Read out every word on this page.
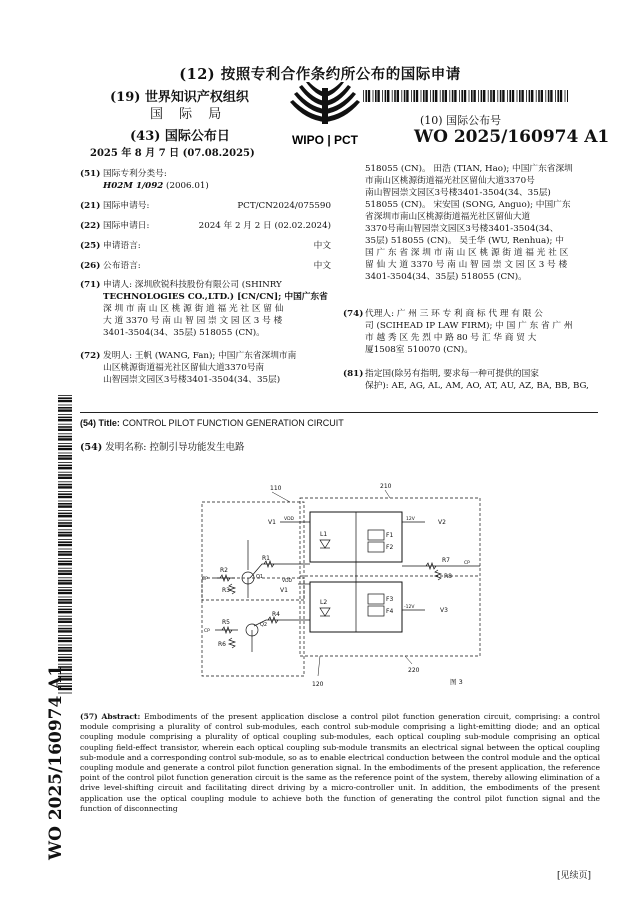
(12) 按照专利合作条约所公布的国际申请
(19) 世界知识产权组织
国 际 局
(43) 国际公布日
2025 年 8 月 7 日 (07.08.2025)
WIPO | PCT
(10) 国际公布号
WO 2025/160974 A1
(51) 国际专利分类号:
H02M 1/092 (2006.01)
(21) 国际申请号:	PCT/CN2024/075590
(22) 国际申请日:	2024 年 2 月 2 日 (02.02.2024)
(25) 申请语言:	中文
(26) 公布语言:	中文
(71) 申请人: 深圳欣锐科技股份有限公司 (SHINRY
TECHNOLOGIES CO.,LTD.) [CN/CN]; 中国广东省
深 圳 市 南 山 区 桃 源 街 道 福 光 社 区 留 仙
大 道 3370 号 南 山 智 园 崇 文 园 区 3 号 楼
3401-3504(34、35层) 518055 (CN)。
(72) 发明人: 王帆 (WANG, Fan); 中国广东省深圳市南
山区桃源街道福光社区留仙大道3370号南
山智园崇文园区3号楼3401-3504(34、35层)
518055 (CN)。 田浩 (TIAN, Hao); 中国广东省深圳
市南山区桃源街道福光社区留仙大道3370号
南山智园崇文园区3号楼3401-3504(34、35层)
518055 (CN)。 宋安国 (SONG, Anguo); 中国广东
省深圳市南山区桃源街道福光社区留仙大道
3370号南山智园崇文园区3号楼3401-3504(34、
35层) 518055 (CN)。 吴壬华 (WU, Renhua); 中
国 广 东 省 深 圳 市 南 山 区 桃 源 街 道 福 光 社 区
留 仙 大 道 3370 号 南 山 智 园 崇 文 园 区 3 号 楼
3401-3504(34、35层) 518055 (CN)。
(74) 代理人: 广 州 三 环 专 利 商 标 代 理 有 限 公
司 (SCIHEAD IP LAW FIRM); 中 国 广 东 省 广 州
市 越 秀 区 先 烈 中 路 80 号 汇 华 商 贸 大
厦1508室 510070 (CN)。
(81) 指定国(除另有指明, 要求每一种可提供的国家
保护): AE, AG, AL, AM, AO, AT, AU, AZ, BA, BB, BG,
(54) Title: CONTROL PILOT FUNCTION GENERATION CIRCUIT
(54) 发明名称: 控制引导功能发生电路
110	210
120
220
V1 VDD	12V	V2
L1	F1
F2
R1
R2
R3
Q1
CP
R7
R8
CP
VDD
V1
L2	F3
F4
-12V	V3
R4
R5
R6
Q2
CP
图 3
(57) Abstract: Embodiments of the present application disclose a control pilot function generation circuit, comprising: a control module comprising a plurality of control sub-modules, each control sub-module comprising a light-emitting diode; and an optical coupling module comprising a plurality of optical coupling sub-modules, each optical coupling sub-module comprising an optical coupling field-effect transistor, wherein each optical coupling sub-module transmits an electrical signal between the optical coupling sub-module and a corresponding control sub-module, so as to enable electrical conduction between the control module and the optical coupling module and generate a control pilot function generation signal. In the embodiments of the present application, the reference point of the control pilot function generation circuit is the same as the reference point of the system, thereby allowing elimination of a drive level-shifting circuit and facilitating direct driving by a micro-controller unit. In addition, the embodiments of the present application use the optical coupling module to achieve both the function of generating the control pilot function signal and the function of disconnecting
WO 2025/160974 A1
[见续页]
